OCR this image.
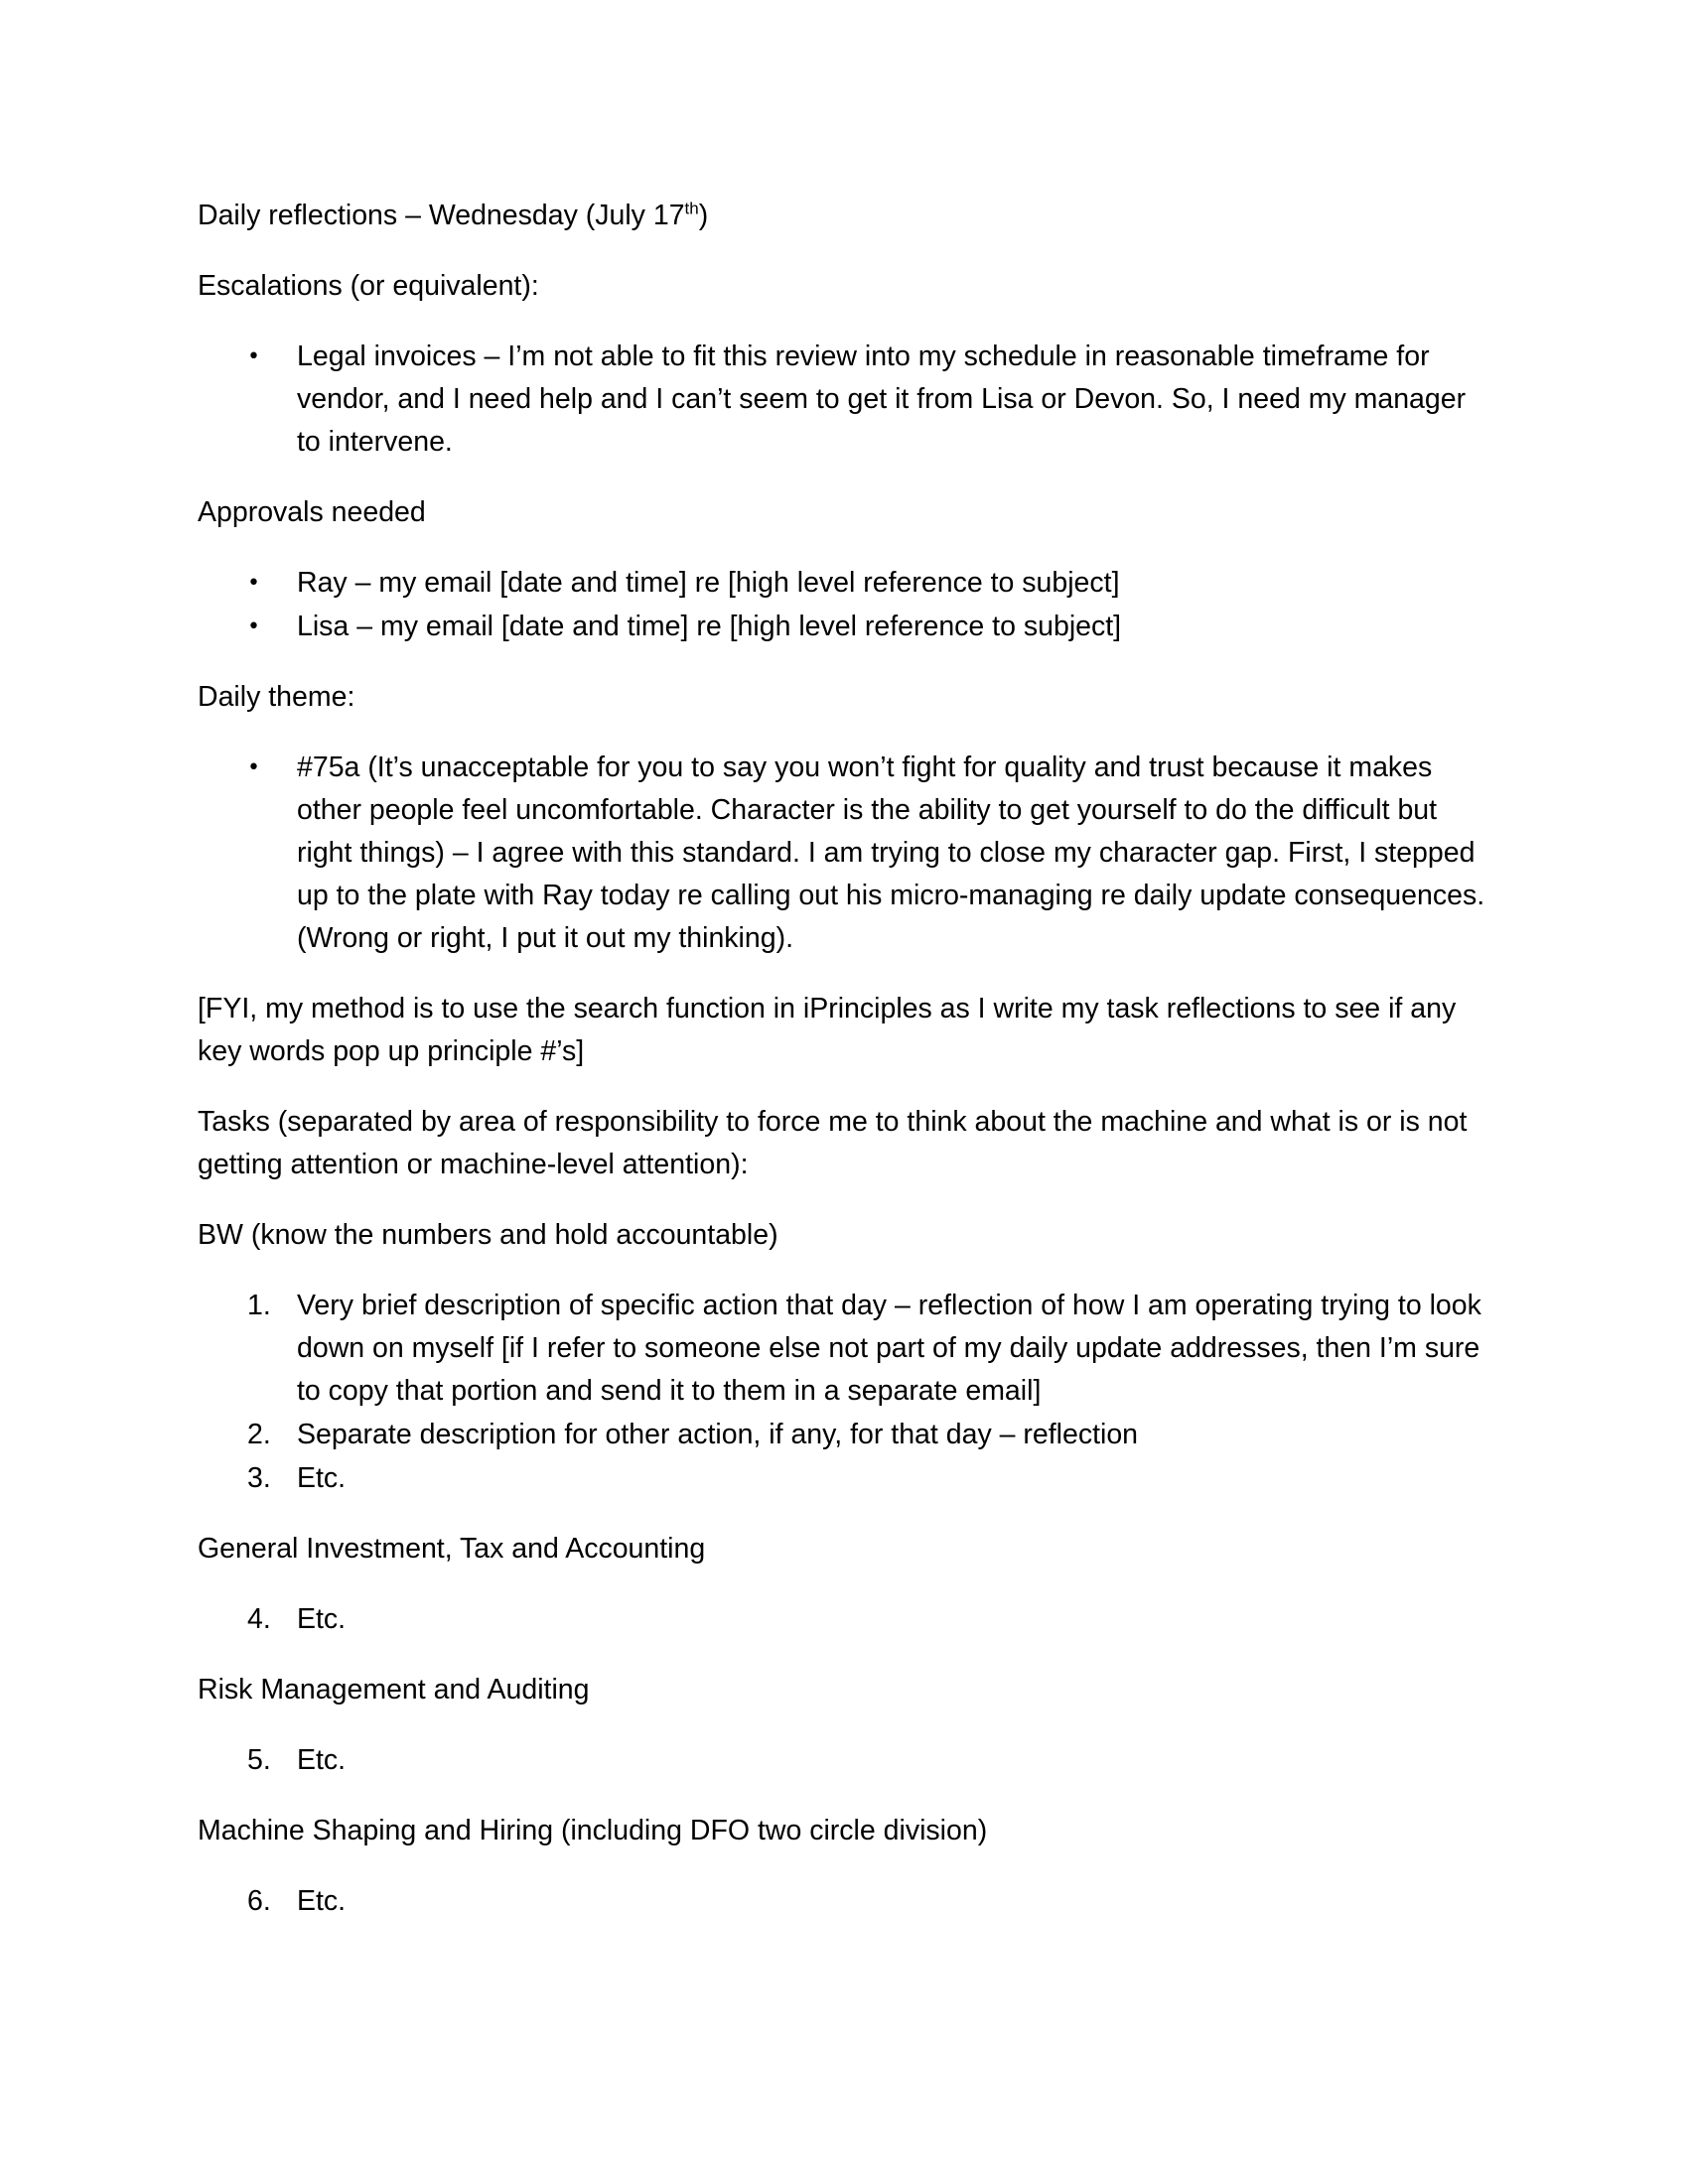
Daily reflections – Wednesday (July 17th)

Escalations (or equivalent):

•	Legal invoices – I’m not able to fit this review into my schedule in reasonable timeframe for vendor, and I need help and I can’t seem to get it from Lisa or Devon. So, I need my manager to intervene.

Approvals needed

•	Ray – my email [date and time] re [high level reference to subject]
•	Lisa – my email [date and time] re [high level reference to subject]

Daily theme:

•	#75a (It’s unacceptable for you to say you won’t fight for quality and trust because it makes other people feel uncomfortable. Character is the ability to get yourself to do the difficult but right things) – I agree with this standard. I am trying to close my character gap. First, I stepped up to the plate with Ray today re calling out his micro-managing re daily update consequences. (Wrong or right, I put it out my thinking).

[FYI, my method is to use the search function in iPrinciples as I write my task reflections to see if any key words pop up principle #’s]

Tasks (separated by area of responsibility to force me to think about the machine and what is or is not getting attention or machine-level attention):

BW (know the numbers and hold accountable)

1. Very brief description of specific action that day – reflection of how I am operating trying to look down on myself [if I refer to someone else not part of my daily update addresses, then I’m sure to copy that portion and send it to them in a separate email]
2. Separate description for other action, if any, for that day – reflection
3. Etc.

General Investment, Tax and Accounting

4. Etc.

Risk Management and Auditing

5. Etc.

Machine Shaping and Hiring (including DFO two circle division)

6. Etc.
